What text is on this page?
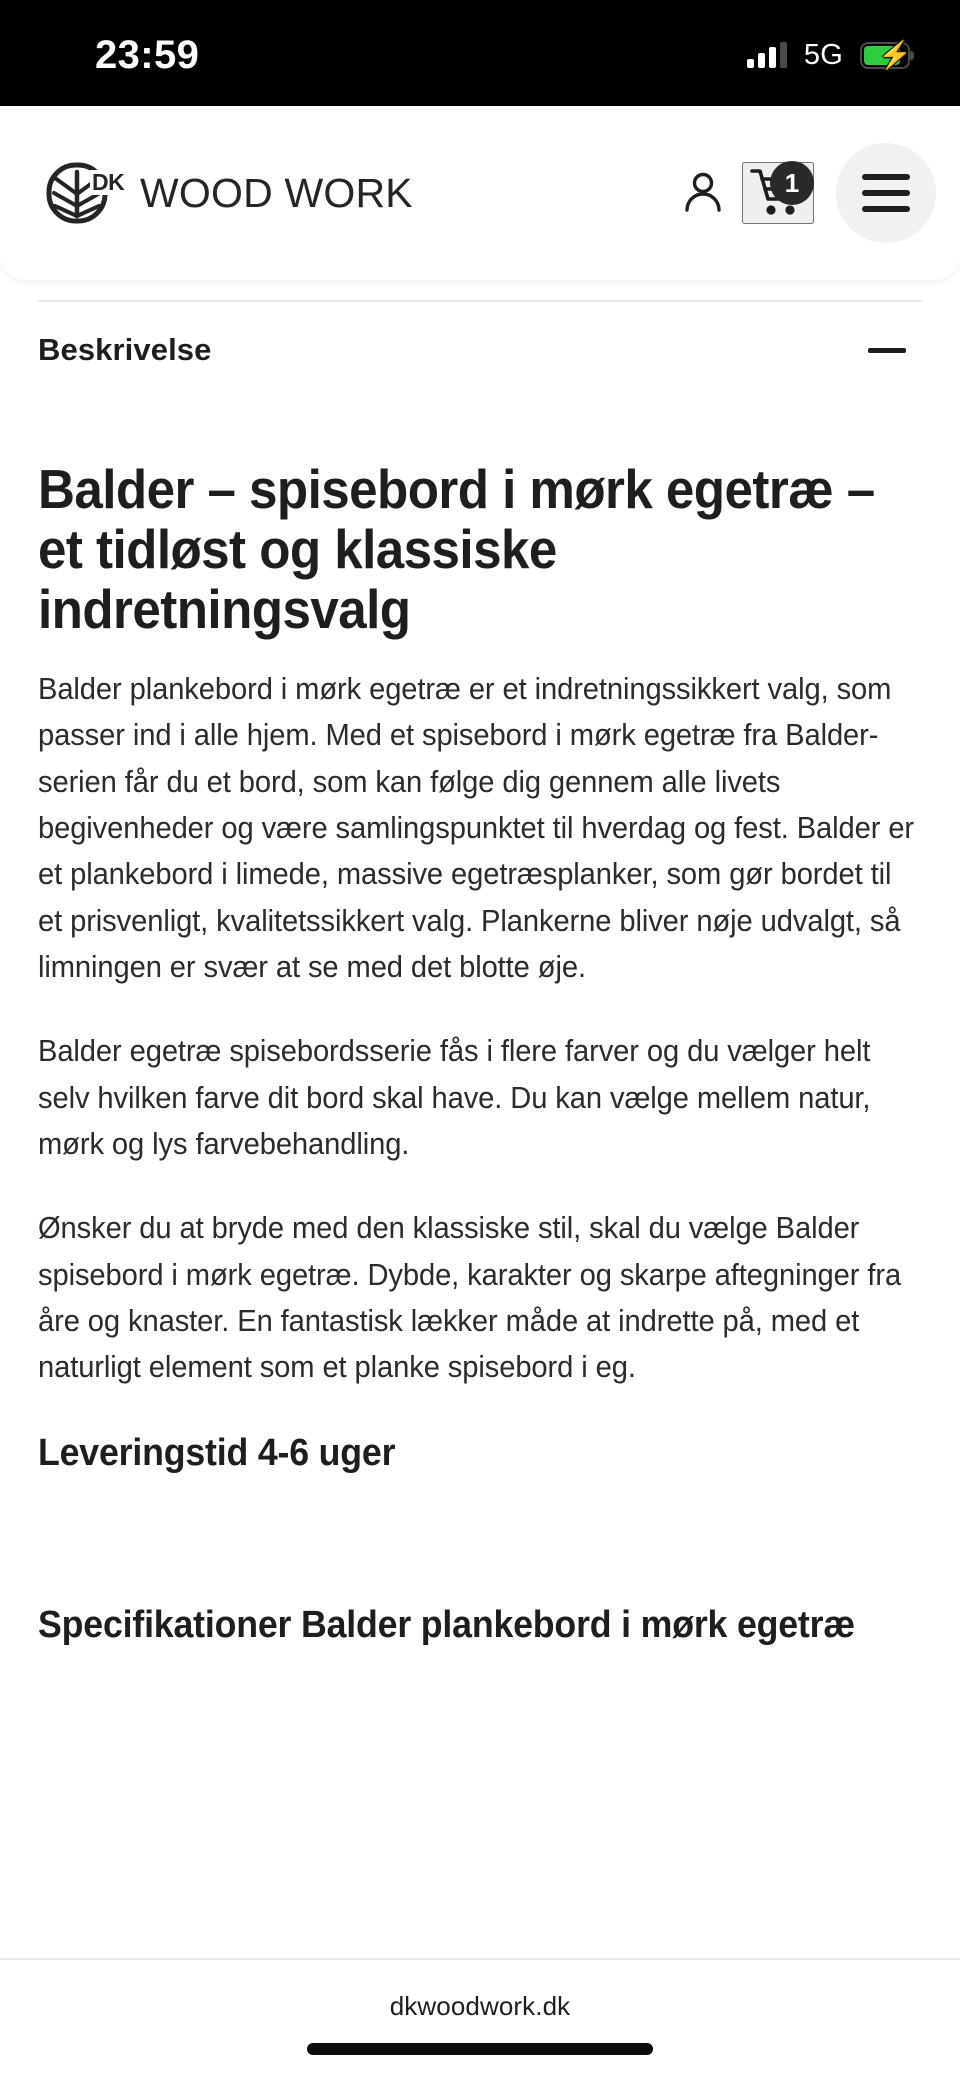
23:59	5G ⚡
DK WOOD WORK	1
Beskrivelse
Balder – spisebord i mørk egetræ – et tidløst og klassiske indretningsvalg

Balder plankebord i mørk egetræ er et indretningssikkert valg, som passer ind i alle hjem. Med et spisebord i mørk egetræ fra Balder-serien får du et bord, som kan følge dig gennem alle livets begivenheder og være samlingspunktet til hverdag og fest. Balder er et plankebord i limede, massive egetræsplanker, som gør bordet til et prisvenligt, kvalitetssikkert valg. Plankerne bliver nøje udvalgt, så limningen er svær at se med det blotte øje.

Balder egetræ spisebordsserie fås i flere farver og du vælger helt selv hvilken farve dit bord skal have. Du kan vælge mellem natur, mørk og lys farvebehandling.

Ønsker du at bryde med den klassiske stil, skal du vælge Balder spisebord i mørk egetræ. Dybde, karakter og skarpe aftegninger fra åre og knaster. En fantastisk lækker måde at indrette på, med et naturligt element som et planke spisebord i eg.

Leveringstid 4-6 uger
Specifikationer Balder plankebord i mørk egetræ
dkwoodwork.dk
